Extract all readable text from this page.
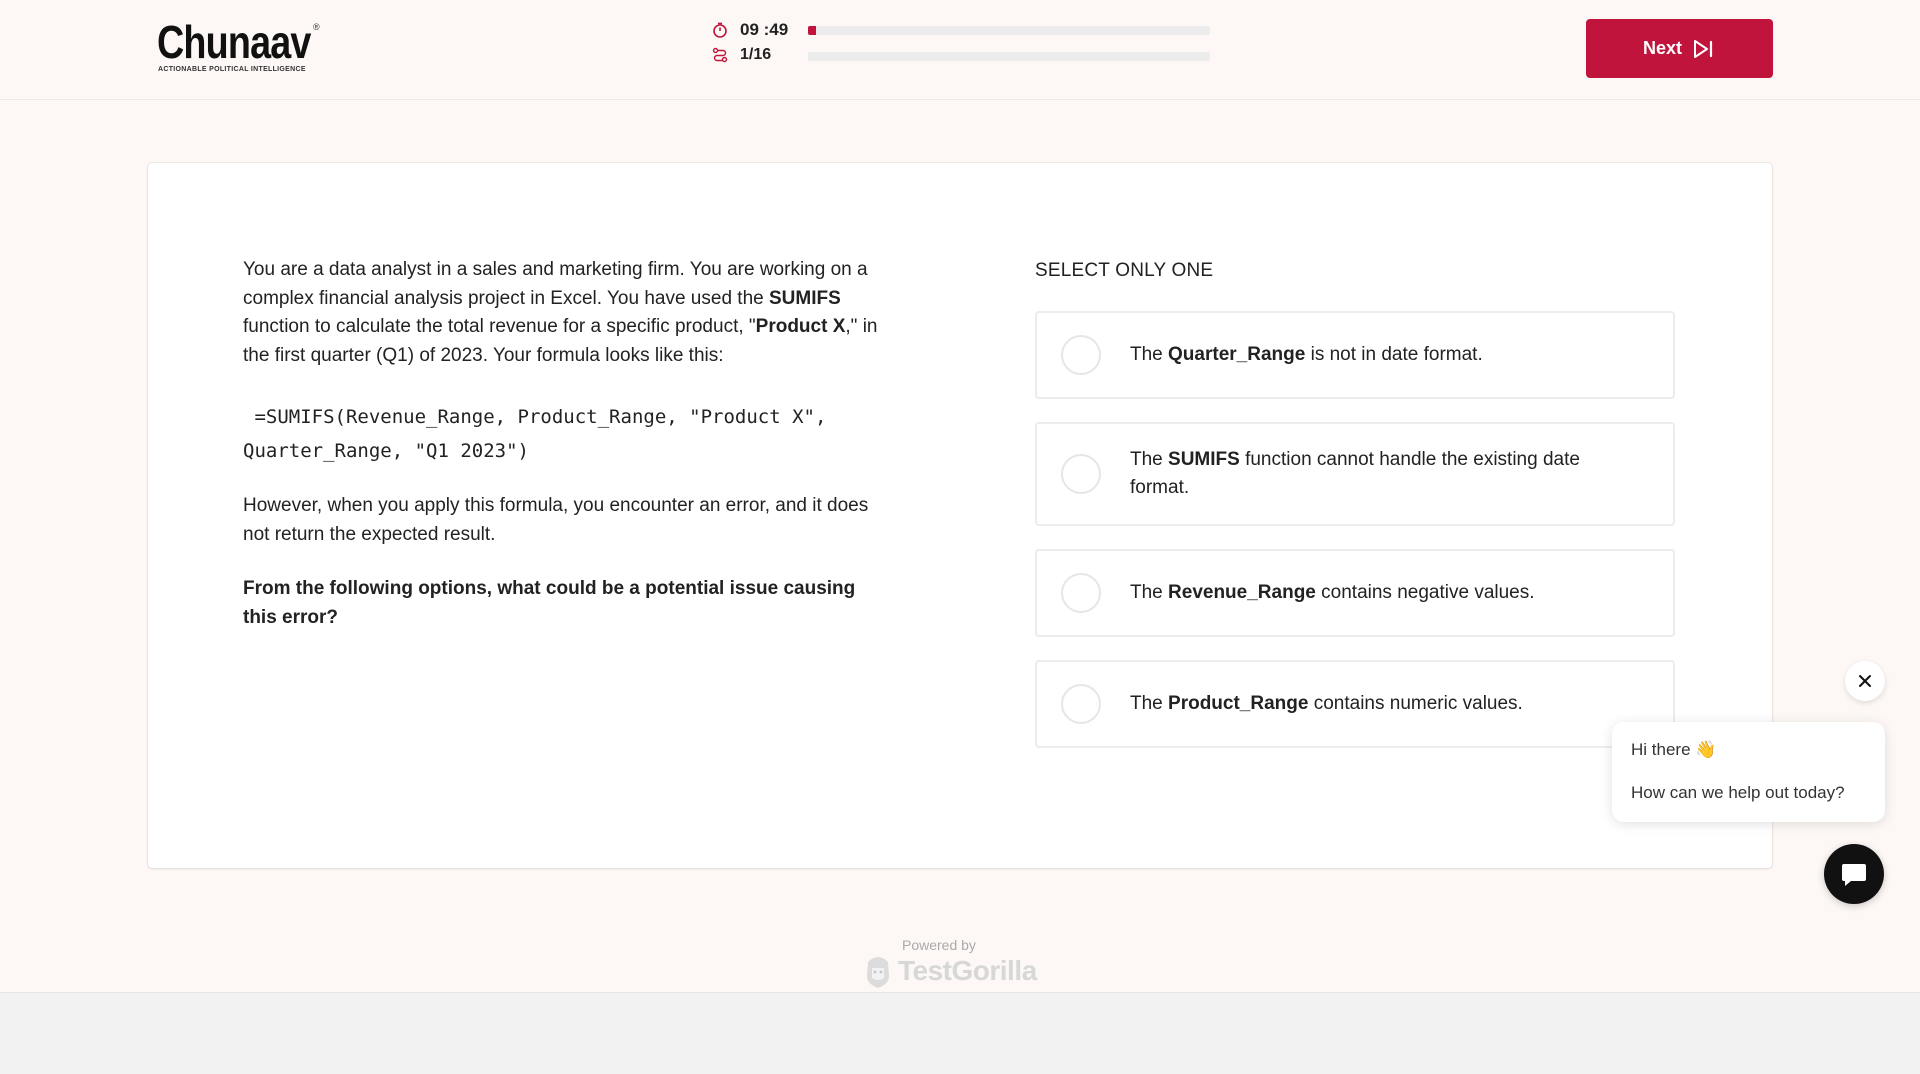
Chunaav ®
ACTIONABLE POLITICAL INTELLIGENCE
09 :49
1/16	Next

You are a data analyst in a sales and marketing firm. You are working on a complex financial analysis project in Excel. You have used the SUMIFS function to calculate the total revenue for a specific product, "Product X," in the first quarter (Q1) of 2023. Your formula looks like this:

=SUMIFS(Revenue_Range, Product_Range, "Product X", Quarter_Range, "Q1 2023")

However, when you apply this formula, you encounter an error, and it does not return the expected result.

From the following options, what could be a potential issue causing this error?

SELECT ONLY ONE
The Quarter_Range is not in date format.
The SUMIFS function cannot handle the existing date format.
The Revenue_Range contains negative values.
The Product_Range contains numeric values.
Powered by
TestGorilla
Hi there 👋
How can we help out today?
